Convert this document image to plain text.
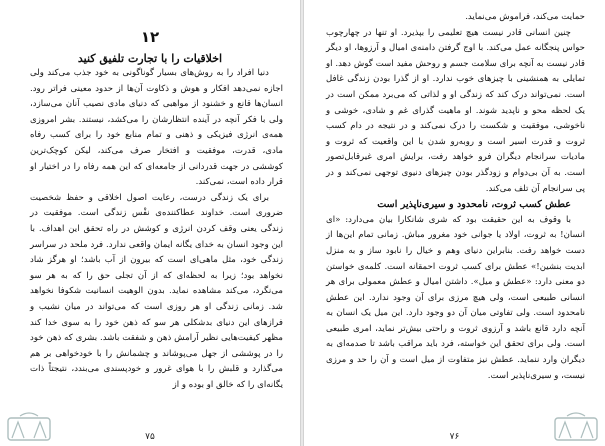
۱۲
اخلاقیات را با تجارت تلفیق کنید

دنیا افراد را به روش‌های بسیار گوناگونی به خود جذب می‌کند ولی اجازه نمی‌دهد افکار و هوش و ذکاوت آن‌ها از حدود معینی فراتر رود. انسان‌ها قانع و خشنود از مواهبی که دنیای مادی نصیب آنان می‌سازد، ولی با فکر آنچه در آینده انتظارشان را می‌کشد، نیستند. بشر امروزی همه‌ی انرژی فیزیکی و ذهنی و تمام منابع خود را برای کسب رفاه مادی، قدرت، موفقیت و افتخار صرف می‌کند، لیکن کوچک‌ترین کوششی در جهت قدردانی از جامعه‌ای که این همه رفاه را در اختیار او قرار داده است، نمی‌کند.

برای یک زندگی درست، رعایت اصول اخلاقی و حفظ شخصیت ضروری است. خداوند عطا‌کننده‌ی نفْس زندگی است. موفقیت در زندگی یعنی وقف کردن انرژی و کوشش در راه تحقق این اهداف. با این وجود انسان به خدای یگانه ایمان واقعی ندارد. فرد ملحد در سراسر زندگی خود، مثل ماهی‌ای است که بیرون از آب باشد؛ او هرگز شاد نخواهد بود؛ زیرا به لحظه‌ای که از آن تجلی حق را که به هر سو می‌نگرد، می‌کند مشاهده نماید. بدون الوهیت انسانیت شکوفا نخواهد شد. زمانی زندگی او هر روزی است که می‌تواند در میان نشیب و فرازهای این دنیای بدشکلی هر سو که ذهن خود را به سوی خدا کند مظهر کیفیت‌هایی نظیر آرامش ذهن و شفقت باشد. بشری که ذهن خود را در پوششی از جهل می‌پوشاند و چشمانش را با خودخواهی بر هم می‌گذارد و قلبش را با هوای غرور و خودپسندی می‌بندد، نتیجتاً ذات یگانه‌ای را که خالق او بوده و از

۷۵

حمایت می‌کند، فراموش می‌نماید.

چنین انسانی قادر نیست هیچ تعلیمی را بپذیرد. او تنها در چهارچوب حواس پنجگانه عمل می‌کند. با اوج گرفتن دامنه‌ی امیال و آرزوها، او دیگر قادر نیست به آنچه برای سلامت جسم و روحش مفید است گوش دهد. او تمایلی به همنشینی با چیزهای خوب ندارد. او از گذرا بودن زندگی غافل است. نمی‌تواند درک کند که زندگی او و لذاتی که می‌برد ممکن است در یک لحظه محو و ناپدید شوند. او ماهیت گذرای غم و شادی، خوشی و ناخوشی، موفقیت و شکست را درک نمی‌کند و در نتیجه در دام کسب ثروت و قدرت اسیر است و روبه‌رو شدن با این واقعیت که ثروت و مادیات سرانجام دیگران فرو خواهد رفت، برایش امری غیرقابل‌تصور است. به آن بی‌دوام و زودگذر بودن چیزهای دنیوی توجهی نمی‌کند و در پی سرانجام آن تلف می‌کند.

عطش کسب ثروت، نامحدود و سیری‌ناپذیر است

با وقوف به این حقیقت بود که شری شانکارا بیان می‌دارد: «ای انسان! به ثروت، اولاد یا جوانی خود مغرور مباش. زمانی تمام این‌ها از دست خواهد رفت. بنابراین دنیای وهم و خیال را نابود ساز و به منزل ابدیت بنشین!» عطش برای کسب ثروت احمقانه است. کلمه‌ی خواستن دو معنی دارد: «عطش و میل». داشتن امیال و عطش معمولی برای هر انسانی طبیعی است، ولی هیچ مرزی برای آن وجود ندارد. این عطش نامحدود است. ولی تفاوتی میان آن دو وجود دارد. این میل یک انسان به آنچه دارد قانع باشد و آرزوی ثروت و راحتی بیش‌تر نماید، امری طبیعی است. ولی برای تحقق این خواسته، فرد باید مراقب باشد تا صدمه‌ای به دیگران وارد ننماید. عطش نیز متفاوت از میل است و آن را حد و مرزی نیست، و سیری‌ناپذیر است.

۷۶
